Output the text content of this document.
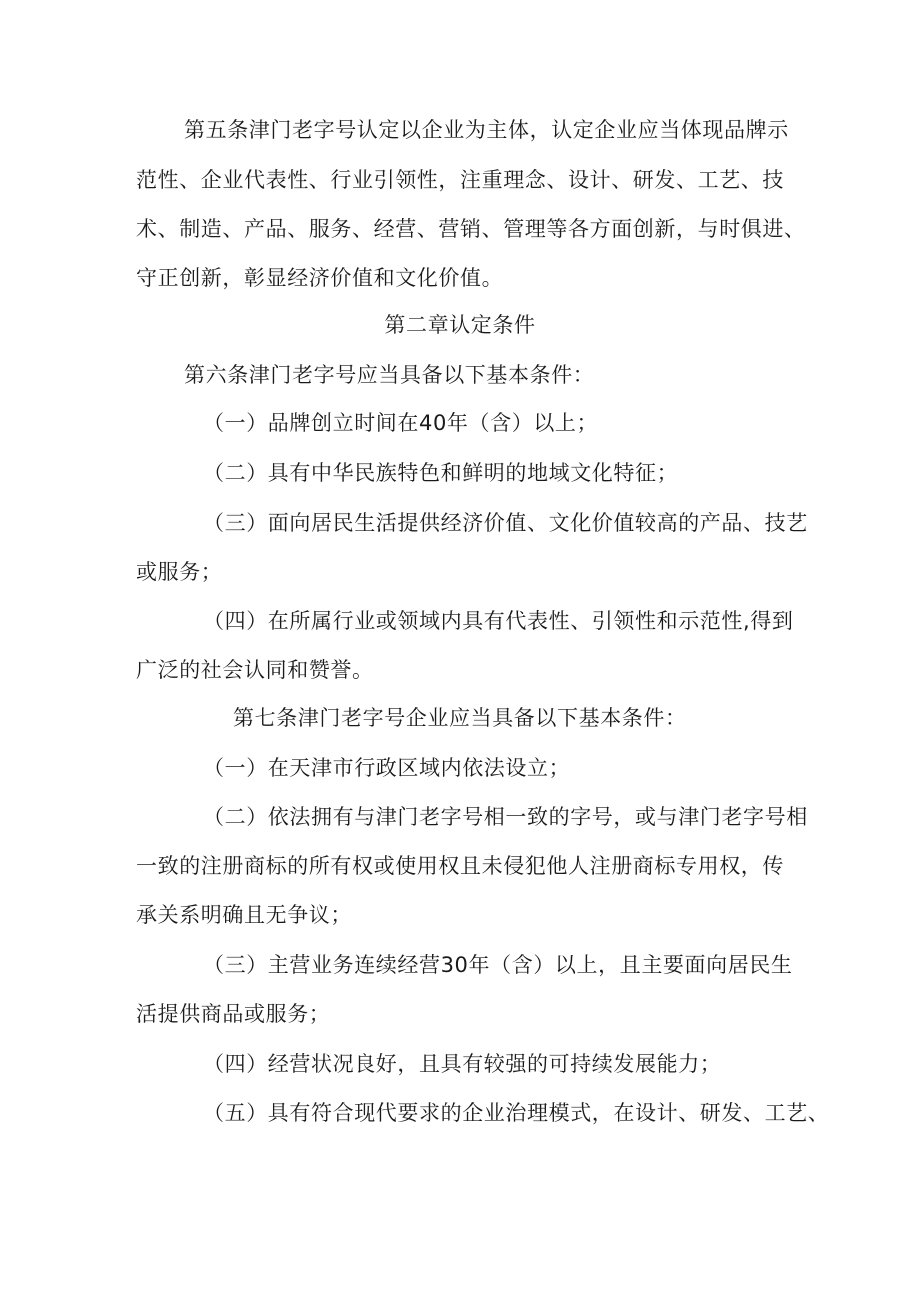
第五条津门老字号认定以企业为主体，认定企业应当体现品牌示
范性、企业代表性、行业引领性，注重理念、设计、研发、工艺、技
术、制造、产品、服务、经营、营销、管理等各方面创新，与时俱进、
守正创新，彰显经济价值和文化价值。
第二章认定条件
第六条津门老字号应当具备以下基本条件：
（一）品牌创立时间在40年（含）以上；
（二）具有中华民族特色和鲜明的地域文化特征；
（三）面向居民生活提供经济价值、文化价值较高的产品、技艺
或服务；
（四）在所属行业或领域内具有代表性、引领性和示范性,得到
广泛的社会认同和赞誉。
第七条津门老字号企业应当具备以下基本条件：
（一）在天津市行政区域内依法设立；
（二）依法拥有与津门老字号相一致的字号，或与津门老字号相
一致的注册商标的所有权或使用权且未侵犯他人注册商标专用权，传
承关系明确且无争议；
（三）主营业务连续经营30年（含）以上，且主要面向居民生
活提供商品或服务；
（四）经营状况良好，且具有较强的可持续发展能力；
（五）具有符合现代要求的企业治理模式，在设计、研发、工艺、
